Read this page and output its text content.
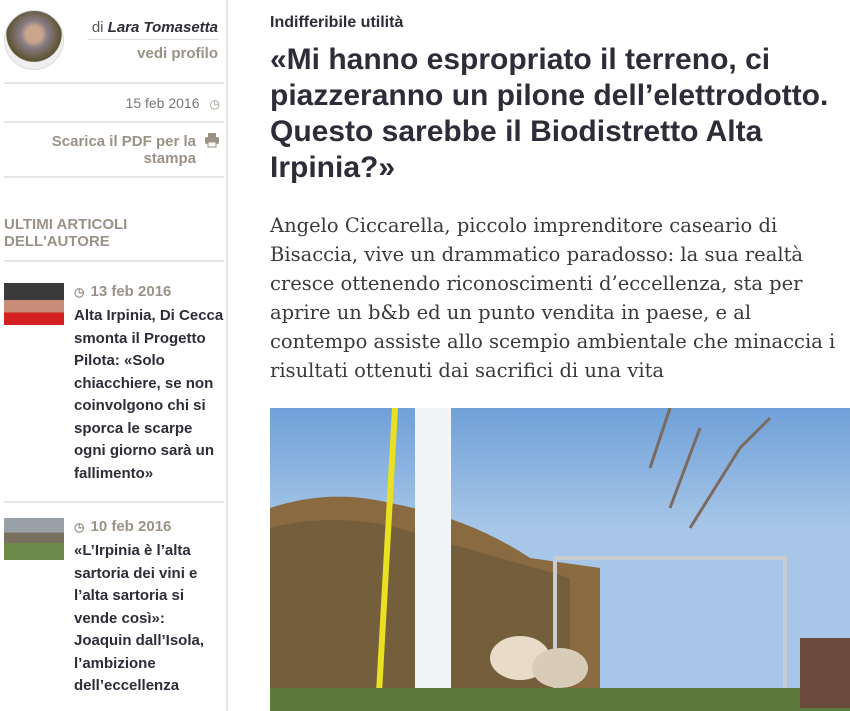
di Lara Tomasetta
vedi profilo
15 feb 2016 ◷
Scarica il PDF per la stampa
ULTIMI ARTICOLI DELL'AUTORE
◷ 13 feb 2016
Alta Irpinia, Di Cecca smonta il Progetto Pilota: «Solo chiacchiere, se non coinvolgono chi si sporca le scarpe ogni giorno sarà un fallimento»
◷ 10 feb 2016
«L’Irpinia è l’alta sartoria dei vini e l’alta sartoria si vende così»: Joaquin dall’Isola, l’ambizione dell’eccellenza
Indifferibile utilità
«Mi hanno espropriato il terreno, ci piazzeranno un pilone dell’elettrodotto. Questo sarebbe il Biodistretto Alta Irpinia?»

Angelo Ciccarella, piccolo imprenditore caseario di Bisaccia, vive un drammatico paradosso: la sua realtà cresce ottenendo riconoscimenti d’eccellenza, sta per aprire un b&b ed un punto vendita in paese, e al contempo assiste allo scempio ambientale che minaccia i risultati ottenuti dai sacrifici di una vita
